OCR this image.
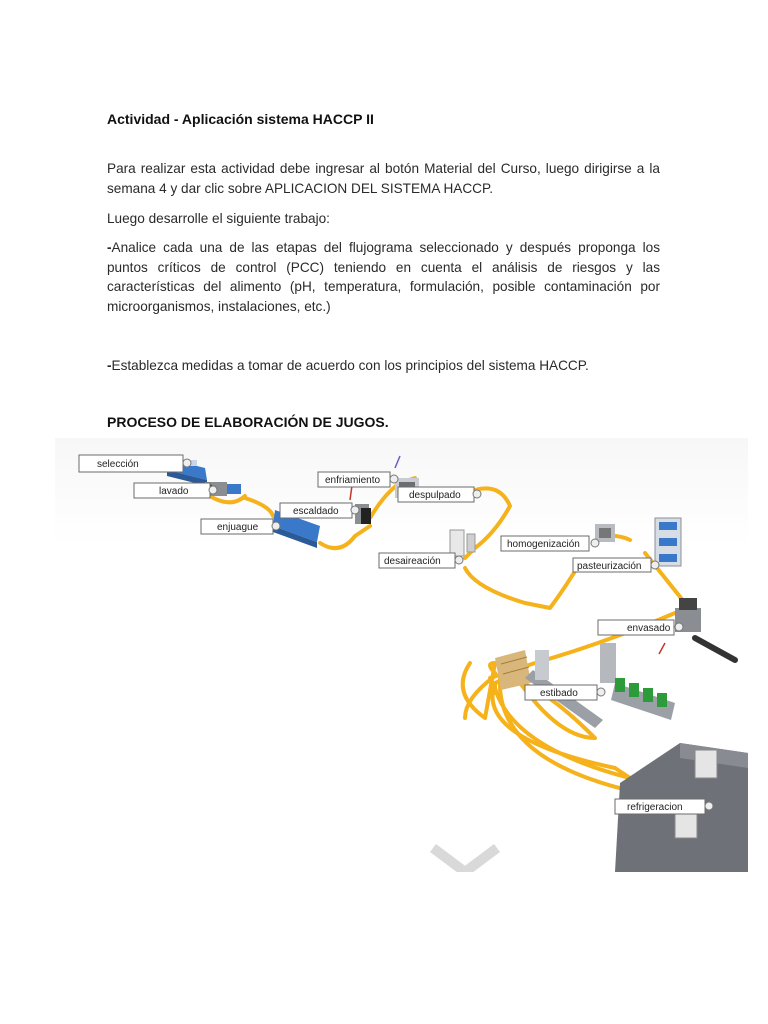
Actividad - Aplicación sistema HACCP II
Para realizar esta actividad debe ingresar al botón Material del Curso, luego dirigirse a la semana 4 y dar clic sobre APLICACION DEL SISTEMA HACCP.
Luego desarrolle el siguiente trabajo:
-Analice cada una de las etapas del flujograma seleccionado y después proponga los puntos críticos de control (PCC) teniendo en cuenta el análisis de riesgos y las características del alimento (pH, temperatura, formulación, posible contaminación por microorganismos, instalaciones, etc.)
-Establezca medidas a tomar de acuerdo con los principios del sistema HACCP.
PROCESO DE ELABORACIÓN DE JUGOS.
selección
lavado
enjuague
escaldado
enfriamiento
despulpado
desaireación
homogenización
pasteurización
envasado
estibado
refrigeracion
